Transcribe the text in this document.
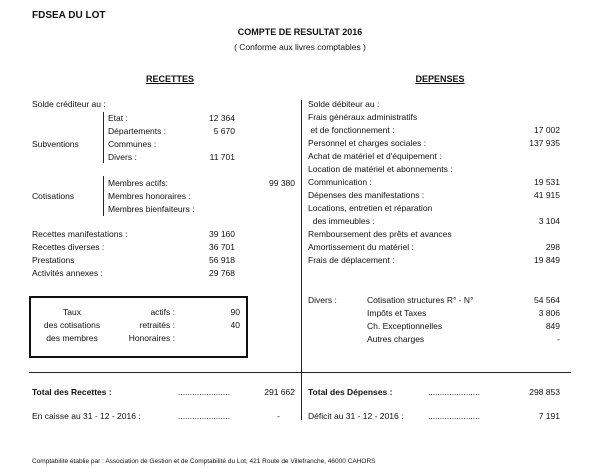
FDSEA DU LOT
COMPTE DE RESULTAT 2016
( Conforme aux livres comptables )
RECETTES	DEPENSES
Solde créditeur au :
Subventions
Etat :	12 364
Départements :	5 670
Communes :
Divers :	11 701
Cotisations
Membres actifs:	99 380
Membres honoraires :
Membres bienfaiteurs :
Recettes manifestations :	39 160
Recettes diverses :	36 701
Prestations	56 918
Activités annexes :	29 768
Taux	actifs :	90
des cotisations	retraités :	40
des membres	Honoraires :
Total des Recettes :	......................	291 662
En caisse au 31 - 12 - 2016 :	......................	-
Solde débiteur au :
Frais généraux administratifs
et de fonctionnement :	17 002
Personnel et charges sociales :	137 935
Achat de matériel et d'équipement :
Location de matériel et abonnements :
Communication :	19 531
Dépenses des manifestations :	41 915
Locations, entretien et réparation
des immeubles :	3 104
Remboursement des prêts et avances
Amortissement du matériel :	298
Frais de déplacement :	19 849
Divers :	Cotisation structures R° - N°	54 564
Impôts et Taxes	3 806
Ch. Exceptionnelles	849
Autres charges	-
Total des Dépenses :	......................	298 853
Déficit au 31 - 12 - 2016 :	......................	7 191
Comptabilité établie par : Association de Gestion et de Comptabilité du Lot, 421 Route de Villefranche, 46000 CAHORS
